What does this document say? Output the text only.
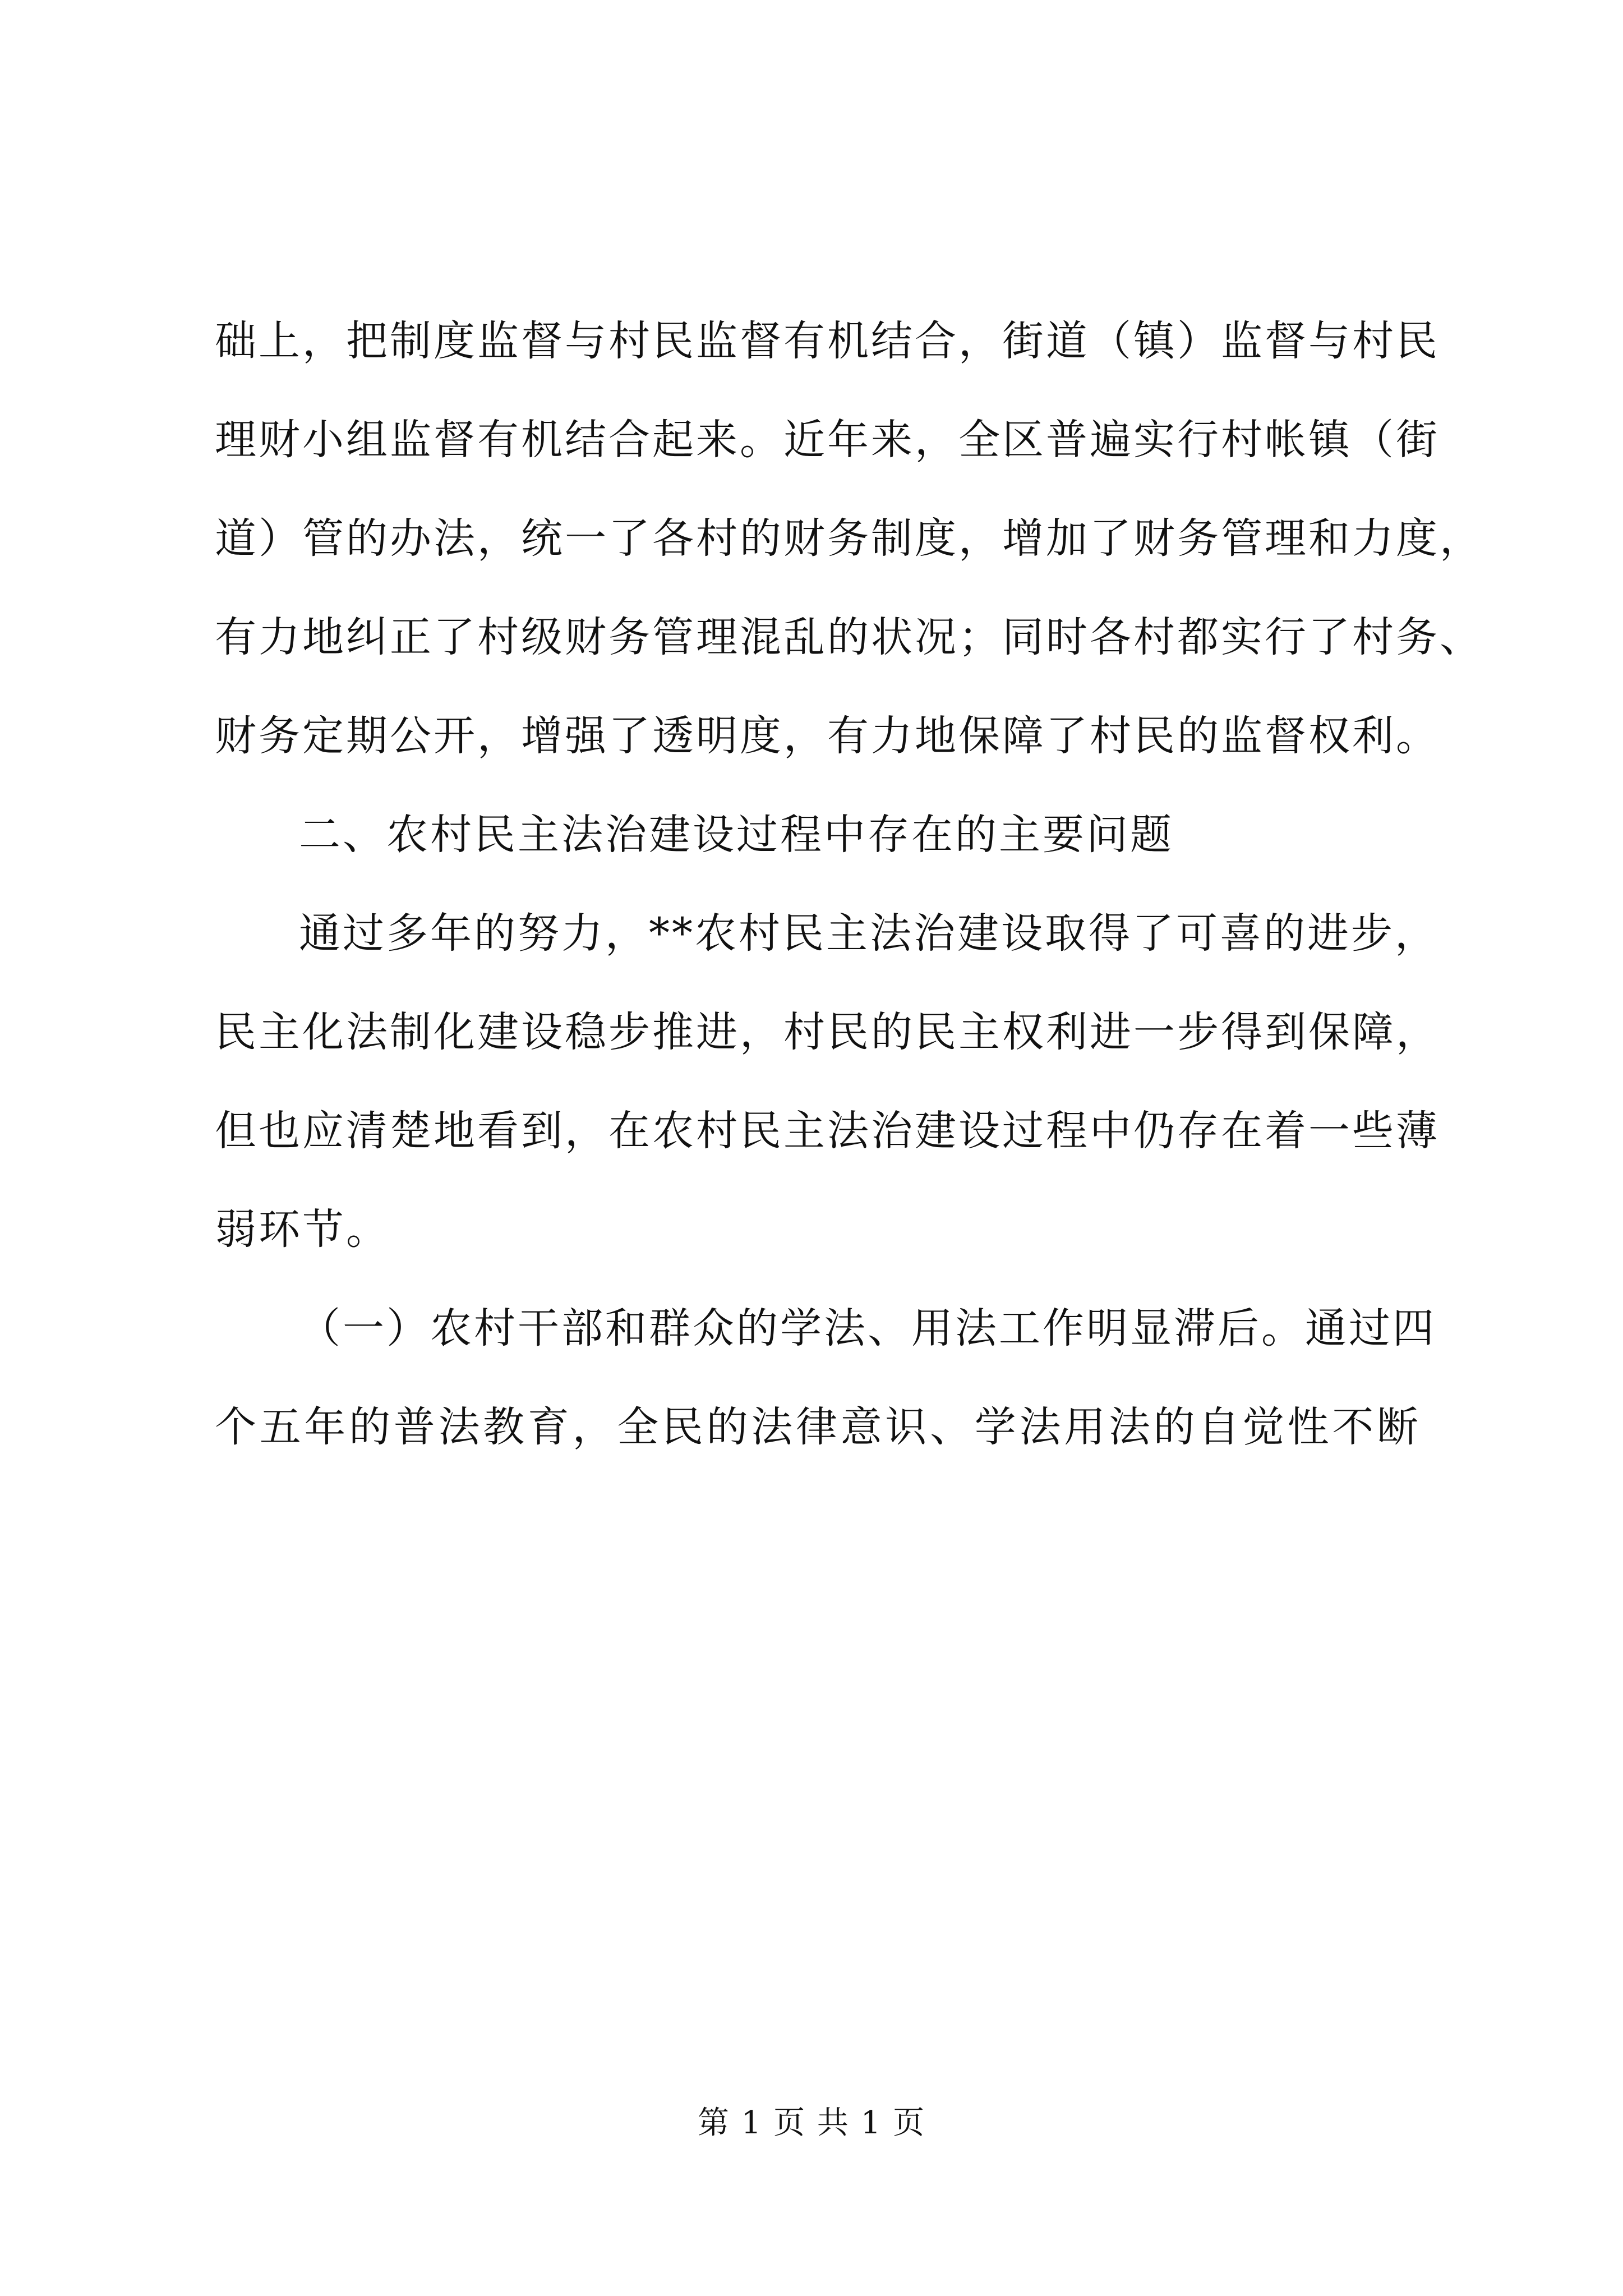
础上，把制度监督与村民监督有机结合，街道（镇）监督与村民
理财小组监督有机结合起来。近年来，全区普遍实行村帐镇（街
道）管的办法，统一了各村的财务制度，增加了财务管理和力度，
有力地纠正了村级财务管理混乱的状况；同时各村都实行了村务、
财务定期公开，增强了透明度，有力地保障了村民的监督权利。
二、农村民主法治建设过程中存在的主要问题
通过多年的努力，**农村民主法治建设取得了可喜的进步，
民主化法制化建设稳步推进，村民的民主权利进一步得到保障，
但也应清楚地看到，在农村民主法治建设过程中仍存在着一些薄
弱环节。
（一）农村干部和群众的学法、用法工作明显滞后。通过四
个五年的普法教育，全民的法律意识、学法用法的自觉性不断
第 1 页 共 1 页
